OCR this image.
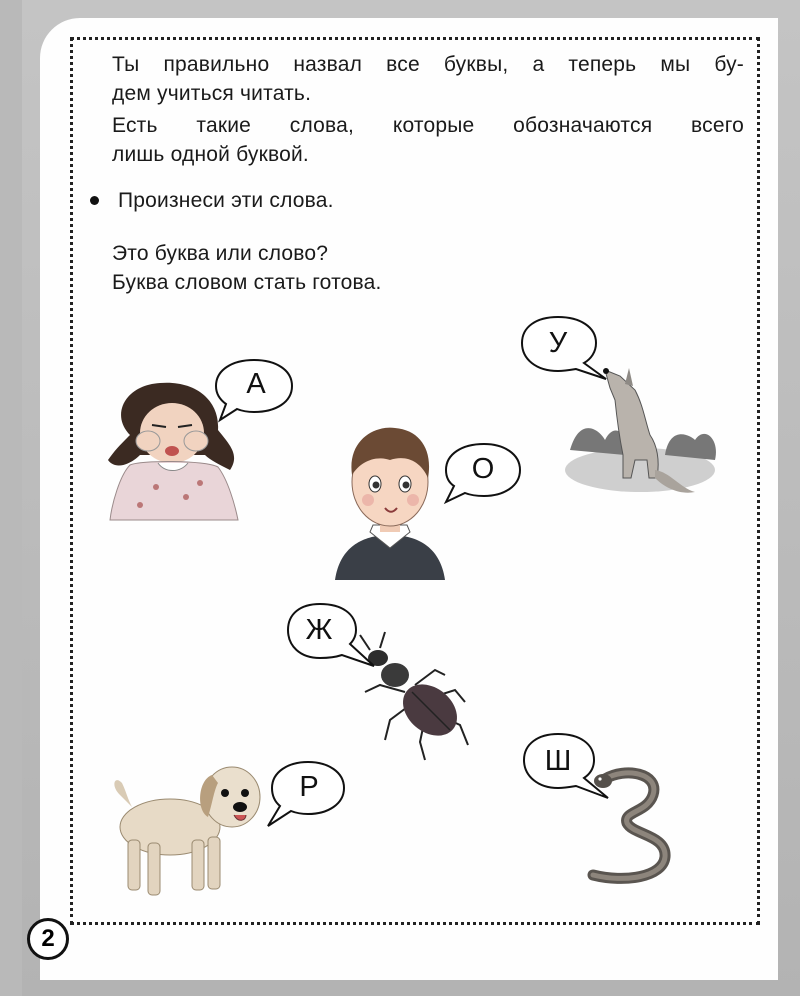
Ты правильно назвал все буквы, а теперь мы бу-
дем учиться читать.
Есть такие слова, которые обозначаются всего
лишь одной буквой.
Произнеси эти слова.
Это буква или слово?
Буква словом стать готова.
А
О
У
Ж
Р
Ш
2
